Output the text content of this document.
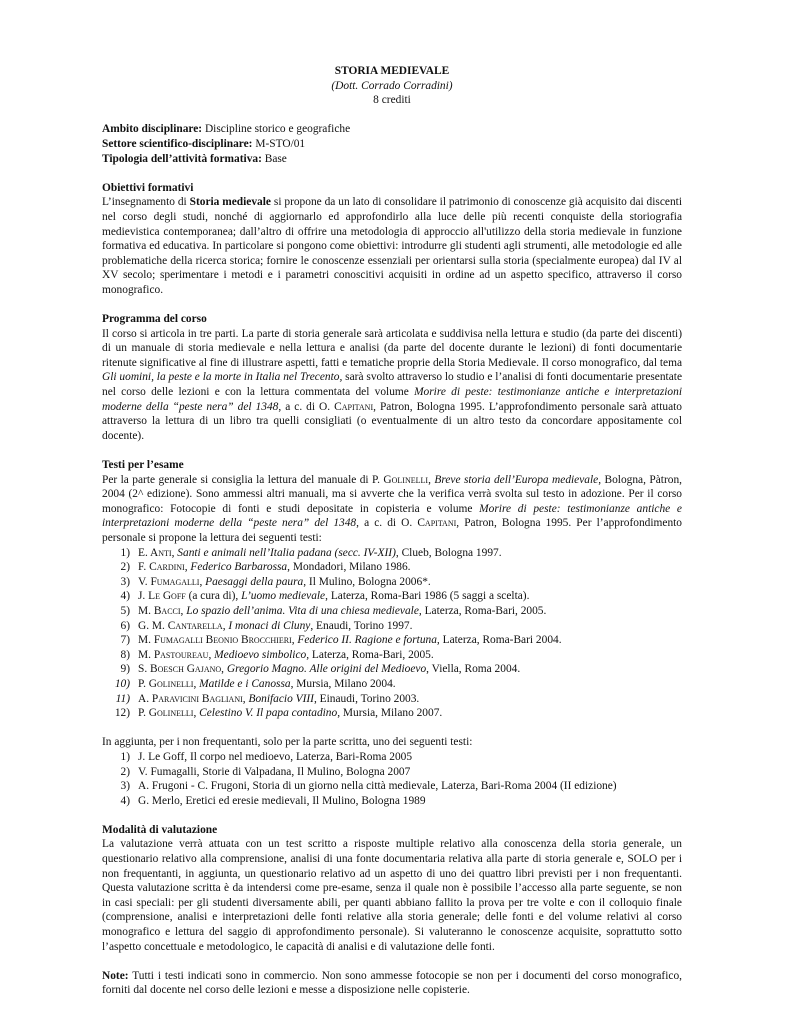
STORIA MEDIEVALE
(Dott. Corrado Corradini)
8 crediti
Ambito disciplinare: Discipline storico e geografiche
Settore scientifico-disciplinare: M-STO/01
Tipologia dell’attività formativa: Base
Obiettivi formativi

L’insegnamento di Storia medievale si propone da un lato di consolidare il patrimonio di conoscenze già acquisito dai discenti nel corso degli studi, nonché di aggiornarlo ed approfondirlo alla luce delle più recenti conquiste della storiografia medievistica contemporanea; dall’altro di offrire una metodologia di approccio all'utilizzo della storia medievale in funzione formativa ed educativa. In particolare si pongono come obiettivi: introdurre gli studenti agli strumenti, alle metodologie ed alle problematiche della ricerca storica; fornire le conoscenze essenziali per orientarsi sulla storia (specialmente europea) dal IV al XV secolo; sperimentare i metodi e i parametri conoscitivi acquisiti in ordine ad un aspetto specifico, attraverso il corso monografico.

Programma del corso

Il corso si articola in tre parti. La parte di storia generale sarà articolata e suddivisa nella lettura e studio (da parte dei discenti) di un manuale di storia medievale e nella lettura e analisi (da parte del docente durante le lezioni) di fonti documentarie ritenute significative al fine di illustrare aspetti, fatti e tematiche proprie della Storia Medievale. Il corso monografico, dal tema Gli uomini, la peste e la morte in Italia nel Trecento, sarà svolto attraverso lo studio e l’analisi di fonti documentarie presentate nel corso delle lezioni e con la lettura commentata del volume Morire di peste: testimonianze antiche e interpretazioni moderne della “peste nera” del 1348, a c. di O. Capitani, Patron, Bologna 1995. L’approfondimento personale sarà attuato attraverso la lettura di un libro tra quelli consigliati (o eventualmente di un altro testo da concordare appositamente col docente).

Testi per l’esame

Per la parte generale si consiglia la lettura del manuale di P. Golinelli, Breve storia dell’Europa medievale, Bologna, Pàtron, 2004 (2^ edizione). Sono ammessi altri manuali, ma si avverte che la verifica verrà svolta sul testo in adozione. Per il corso monografico: Fotocopie di fonti e studi depositate in copisteria e volume Morire di peste: testimonianze antiche e interpretazioni moderne della “peste nera” del 1348, a c. di O. Capitani, Patron, Bologna 1995. Per l’approfondimento personale si propone la lettura dei seguenti testi:

1) E. Anti, Santi e animali nell’Italia padana (secc. IV-XII), Clueb, Bologna 1997.
2) F. Cardini, Federico Barbarossa, Mondadori, Milano 1986.
3) V. Fumagalli, Paesaggi della paura, Il Mulino, Bologna 2006*.
4) J. Le Goff (a cura di), L’uomo medievale, Laterza, Roma-Bari 1986 (5 saggi a scelta).
5) M. Bacci, Lo spazio dell’anima. Vita di una chiesa medievale, Laterza, Roma-Bari, 2005.
6) G. M. Cantarella, I monaci di Cluny, Enaudi, Torino 1997.
7) M. Fumagalli Beonio Brocchieri, Federico II. Ragione e fortuna, Laterza, Roma-Bari 2004.
8) M. Pastoureau, Medioevo simbolico, Laterza, Roma-Bari, 2005.
9) S. Boesch Gajano, Gregorio Magno. Alle origini del Medioevo, Viella, Roma 2004.
10) P. Golinelli, Matilde e i Canossa, Mursia, Milano 2004.
11) A. Paravicini Bagliani, Bonifacio VIII, Einaudi, Torino 2003.
12) P. Golinelli, Celestino V. Il papa contadino, Mursia, Milano 2007.
In aggiunta, per i non frequentanti, solo per la parte scritta, uno dei seguenti testi:
1) J. Le Goff, Il corpo nel medioevo, Laterza, Bari-Roma 2005
2) V. Fumagalli, Storie di Valpadana, Il Mulino, Bologna 2007
3) A. Frugoni - C. Frugoni, Storia di un giorno nella città medievale, Laterza, Bari-Roma 2004 (II edizione)
4) G. Merlo, Eretici ed eresie medievali, Il Mulino, Bologna 1989
Modalità di valutazione

La valutazione verrà attuata con un test scritto a risposte multiple relativo alla conoscenza della storia generale, un questionario relativo alla comprensione, analisi di una fonte documentaria relativa alla parte di storia generale e, SOLO per i non frequentanti, in aggiunta, un questionario relativo ad un aspetto di uno dei quattro libri previsti per i non frequentanti. Questa valutazione scritta è da intendersi come pre-esame, senza il quale non è possibile l’accesso alla parte seguente, se non in casi speciali: per gli studenti diversamente abili, per quanti abbiano fallito la prova per tre volte e con il colloquio finale (comprensione, analisi e interpretazioni delle fonti relative alla storia generale; delle fonti e del volume relativi al corso monografico e lettura del saggio di approfondimento personale). Si valuteranno le conoscenze acquisite, soprattutto sotto l’aspetto concettuale e metodologico, le capacità di analisi e di valutazione delle fonti.

Note: Tutti i testi indicati sono in commercio. Non sono ammesse fotocopie se non per i documenti del corso monografico, forniti dal docente nel corso delle lezioni e messe a disposizione nelle copisterie.
